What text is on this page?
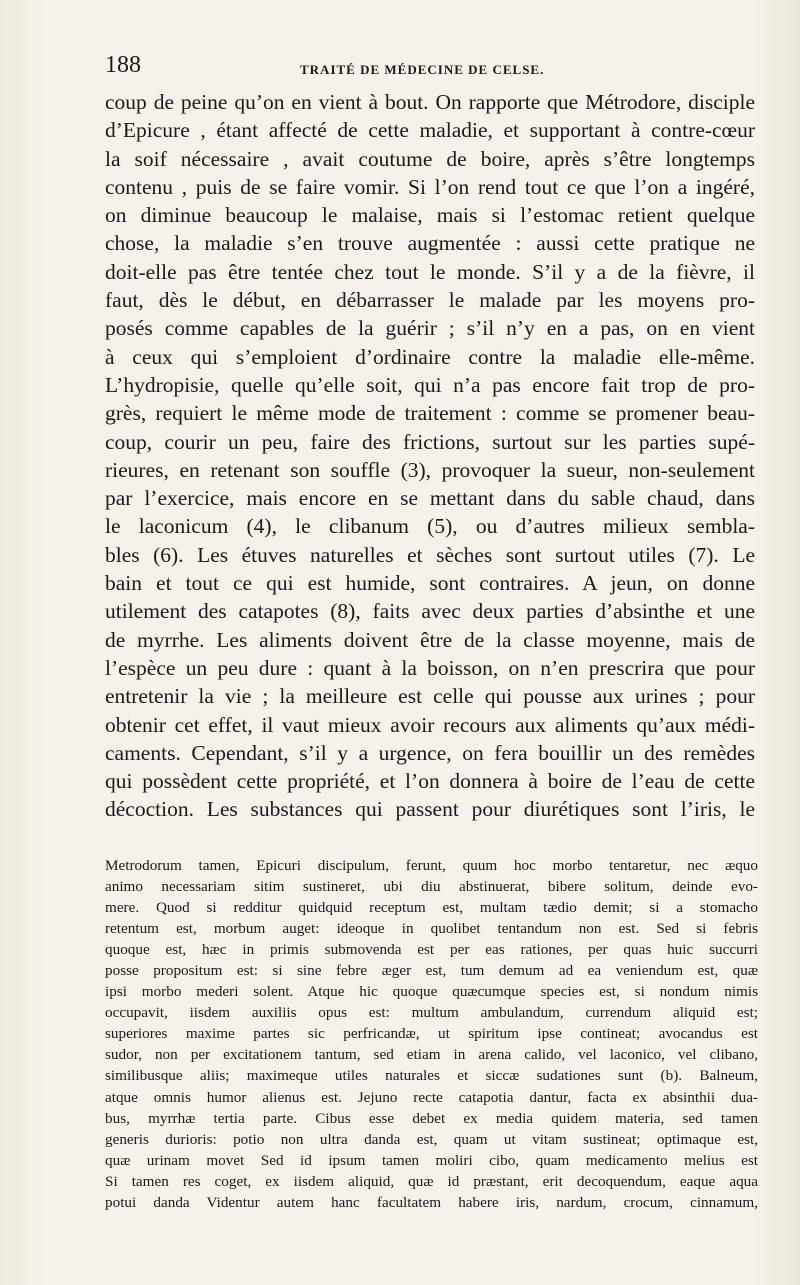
188	TRAITÉ DE MÉDECINE DE CELSE.
coup de peine qu’on en vient à bout. On rapporte que Métrodore, disciple
d’Epicure , étant affecté de cette maladie, et supportant à contre-cœur
la soif nécessaire , avait coutume de boire, après s’être longtemps
contenu , puis de se faire vomir. Si l’on rend tout ce que l’on a ingéré,
on diminue beaucoup le malaise, mais si l’estomac retient quelque
chose, la maladie s’en trouve augmentée : aussi cette pratique ne
doit-elle pas être tentée chez tout le monde. S’il y a de la fièvre, il
faut, dès le début, en débarrasser le malade par les moyens pro-
posés comme capables de la guérir ; s’il n’y en a pas, on en vient
à ceux qui s’emploient d’ordinaire contre la maladie elle-même.
L’hydropisie, quelle qu’elle soit, qui n’a pas encore fait trop de pro-
grès, requiert le même mode de traitement : comme se promener beau-
coup, courir un peu, faire des frictions, surtout sur les parties supé-
rieures, en retenant son souffle (3), provoquer la sueur, non-seulement
par l’exercice, mais encore en se mettant dans du sable chaud, dans
le laconicum (4), le clibanum (5), ou d’autres milieux sembla-
bles (6). Les étuves naturelles et sèches sont surtout utiles (7). Le
bain et tout ce qui est humide, sont contraires. A jeun, on donne
utilement des catapotes (8), faits avec deux parties d’absinthe et une
de myrrhe. Les aliments doivent être de la classe moyenne, mais de
l’espèce un peu dure : quant à la boisson, on n’en prescrira que pour
entretenir la vie ; la meilleure est celle qui pousse aux urines ; pour
obtenir cet effet, il vaut mieux avoir recours aux aliments qu’aux médi-
caments. Cependant, s’il y a urgence, on fera bouillir un des remèdes
qui possèdent cette propriété, et l’on donnera à boire de l’eau de cette
décoction. Les substances qui passent pour diurétiques sont l’iris, le
Metrodorum tamen, Epicuri discipulum, ferunt, quum hoc morbo tentaretur, nec æquo
animo necessariam sitim sustineret, ubi diu abstinuerat, bibere solitum, deinde evo-
mere. Quod si redditur quidquid receptum est, multam tædio demit; si a stomacho
retentum est, morbum auget: ideoque in quolibet tentandum non est. Sed si febris
quoque est, hæc in primis submovenda est per eas rationes, per quas huic succurri
posse propositum est: si sine febre æger est, tum demum ad ea veniendum est, quæ
ipsi morbo mederi solent. Atque hic quoque quæcumque species est, si nondum nimis
occupavit, iisdem auxiliis opus est: multum ambulandum, currendum aliquid est;
superiores maxime partes sic perfricandæ, ut spiritum ipse contineat; avocandus est
sudor, non per excitationem tantum, sed etiam in arena calido, vel laconico, vel clibano,
similibusque aliis; maximeque utiles naturales et siccæ sudationes sunt (b). Balneum,
atque omnis humor alienus est. Jejuno recte catapotia dantur, facta ex absinthii dua-
bus, myrrhæ tertia parte. Cibus esse debet ex media quidem materia, sed tamen
generis durioris: potio non ultra danda est, quam ut vitam sustineat; optimaque est,
quæ urinam movet Sed id ipsum tamen moliri cibo, quam medicamento melius est
Si tamen res coget, ex iisdem aliquid, quæ id præstant, erit decoquendum, eaque aqua
potui danda Videntur autem hanc facultatem habere iris, nardum, crocum, cinnamum,
